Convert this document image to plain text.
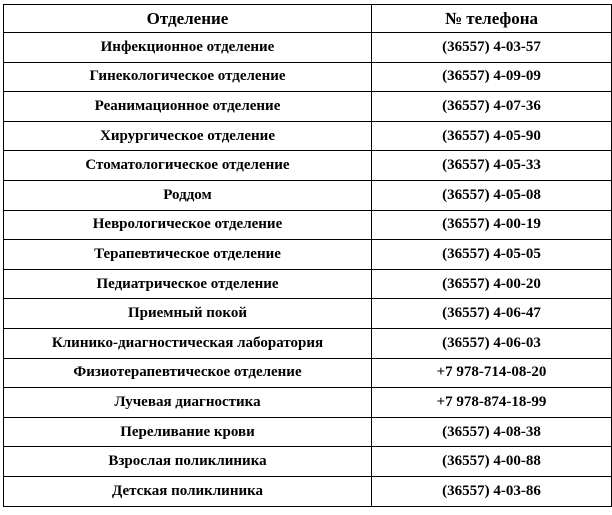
Отделение	№ телефона
Инфекционное отделение	(36557) 4-03-57
Гинекологическое отделение	(36557) 4-09-09
Реанимационное отделение	(36557) 4-07-36
Хирургическое отделение	(36557) 4-05-90
Стоматологическое отделение	(36557) 4-05-33
Роддом	(36557) 4-05-08
Неврологическое отделение	(36557) 4-00-19
Терапевтическое отделение	(36557) 4-05-05
Педиатрическое отделение	(36557) 4-00-20
Приемный покой	(36557) 4-06-47
Клинико-диагностическая лаборатория	(36557) 4-06-03
Физиотерапевтическое отделение	+7 978-714-08-20
Лучевая диагностика	+7 978-874-18-99
Переливание крови	(36557) 4-08-38
Взрослая поликлиника	(36557) 4-00-88
Детская поликлиника	(36557) 4-03-86
